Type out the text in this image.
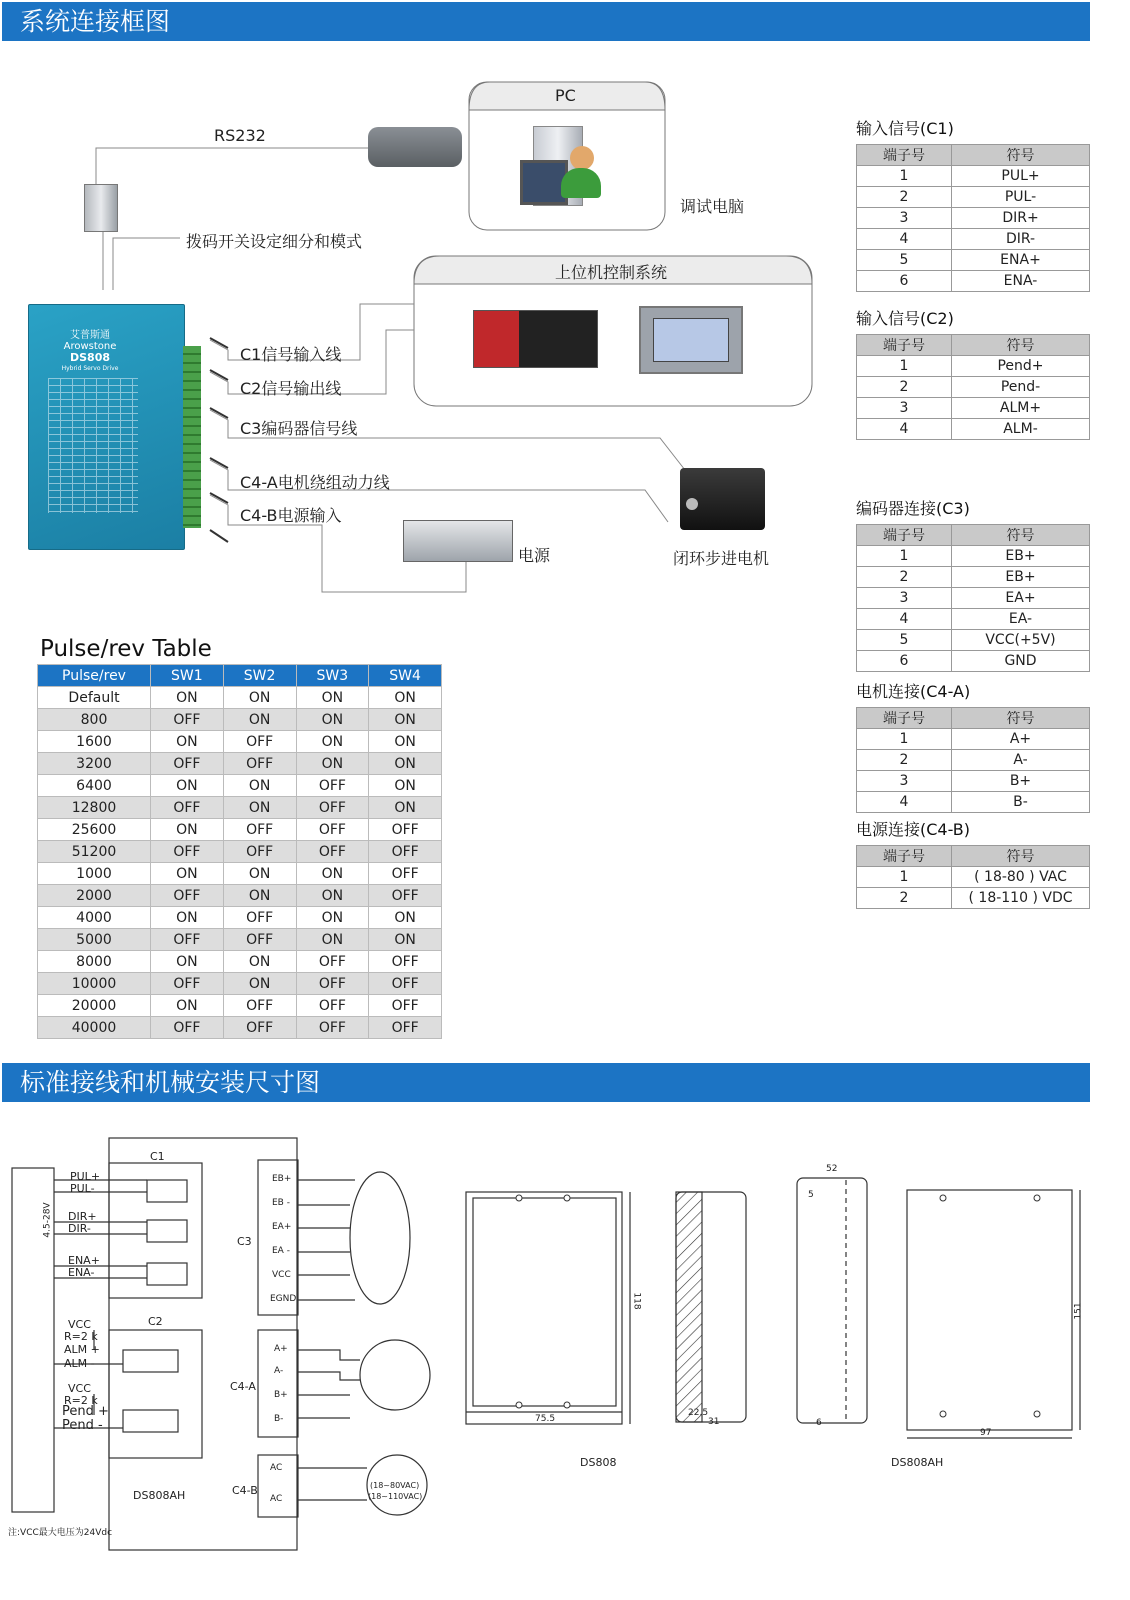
系统连接框图
标准接线和机械安装尺寸图
艾普斯通
Arowstone
DS808
Hybrid Servo Drive
PC
调试电脑
RS232
拨码开关设定细分和模式
上位机控制系统
C1信号输入线
C2信号输出线
C3编码器信号线
C4-A电机绕组动力线
C4-B电源输入
电源	闭环步进电机
Pulse/rev Table
Pulse/rev	SW1	SW2	SW3	SW4
Default	ON	ON	ON	ON
800	OFF	ON	ON	ON
1600	ON	OFF	ON	ON
3200	OFF	OFF	ON	ON
6400	ON	ON	OFF	ON
12800	OFF	ON	OFF	ON
25600	ON	OFF	OFF	OFF
51200	OFF	OFF	OFF	OFF
1000	ON	ON	ON	OFF
2000	OFF	ON	ON	OFF
4000	ON	OFF	ON	ON
5000	OFF	OFF	ON	ON
8000	ON	ON	OFF	OFF
10000	OFF	ON	OFF	OFF
20000	ON	OFF	OFF	OFF
40000	OFF	OFF	OFF	OFF
输入信号(C1)
端子号	符号
1	PUL+
2	PUL-
3	DIR+
4	DIR-
5	ENA+
6	ENA-
输入信号(C2)
端子号	符号
1	Pend+
2	Pend-
3	ALM+
4	ALM-
编码器连接(C3)
端子号	符号
1	EB+
2	EB+
3	EA+
4	EA-
5	VCC(+5V)
6	GND
电机连接(C4-A)
端子号	符号
1	A+
2	A-
3	B+
4	B-
电源连接(C4-B)
端子号	符号
1	( 18-80 ) VAC
2	( 18-110 ) VDC
C1
C2
C3
C4-A
C4-B
PUL+
PUL-
DIR+
DIR-
ENA+
ENA-
VCC
R=2 k
ALM +
ALM -
VCC
R=2 k
Pend +
Pend -
EB+
EB -
EA+
EA -
VCC
EGND
A+
A-
B+
B-
AC
AC
(18~80VAC)
(18~110VAC)
4.5-28V
DS808AH
注:VCC最大电压为24Vdc
DS808	DS808AH
75.5
118
22.5
31
52
5
6
97
151
